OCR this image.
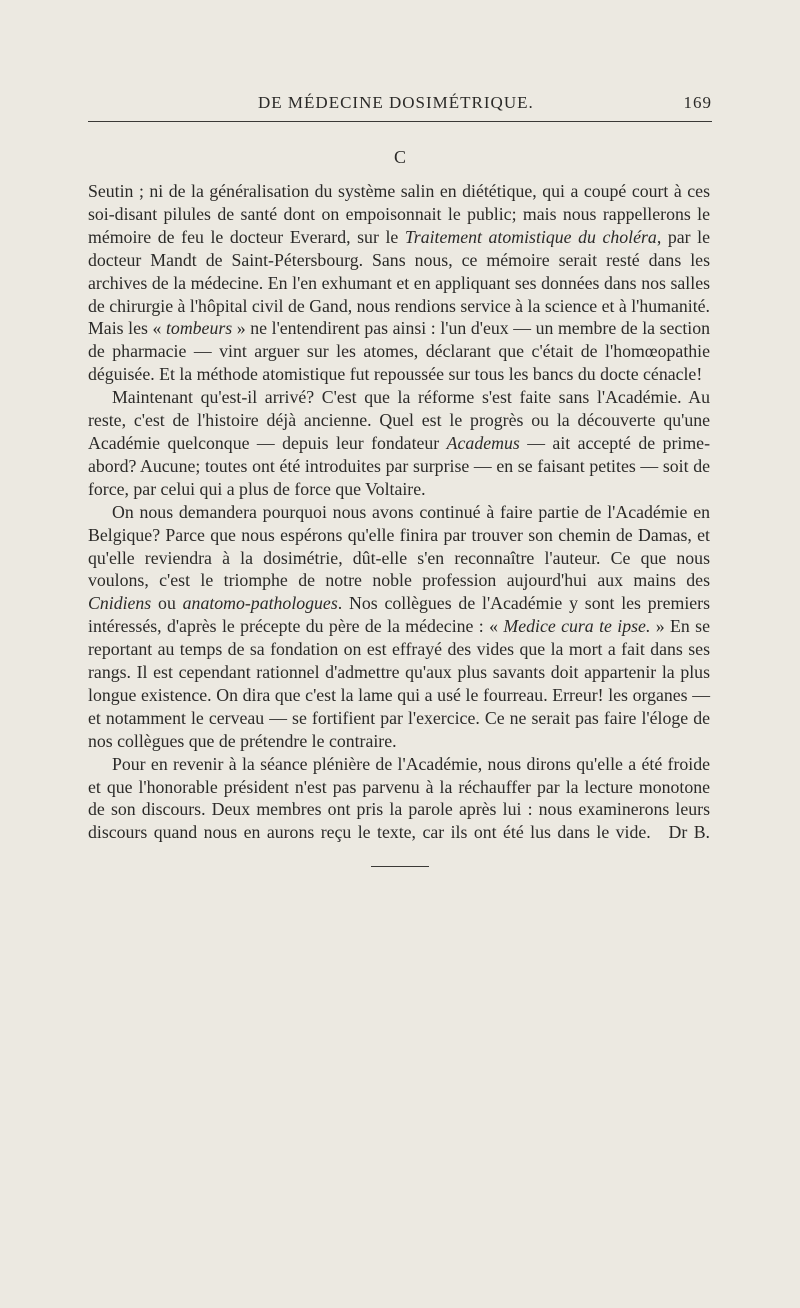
DE MÉDECINE DOSIMÉTRIQUE.	169
C

Seutin ; ni de la généralisation du système salin en diététique, qui a coupé court à ces soi-disant pilules de santé dont on empoisonnait le public; mais nous rappellerons le mémoire de feu le docteur Everard, sur le Traitement atomistique du choléra, par le docteur Mandt de Saint-Pétersbourg. Sans nous, ce mémoire serait resté dans les archives de la médecine. En l'en exhumant et en appliquant ses données dans nos salles de chirurgie à l'hôpital civil de Gand, nous rendions service à la science et à l'humanité. Mais les « tombeurs » ne l'entendirent pas ainsi : l'un d'eux — un membre de la section de pharmacie — vint arguer sur les atomes, déclarant que c'était de l'homœopathie déguisée. Et la méthode atomistique fut repoussée sur tous les bancs du docte cénacle!

Maintenant qu'est-il arrivé? C'est que la réforme s'est faite sans l'Académie. Au reste, c'est de l'histoire déjà ancienne. Quel est le progrès ou la découverte qu'une Académie quelconque — depuis leur fondateur Academus — ait accepté de prime-abord? Aucune; toutes ont été introduites par surprise — en se faisant petites — soit de force, par celui qui a plus de force que Voltaire.

On nous demandera pourquoi nous avons continué à faire partie de l'Académie en Belgique? Parce que nous espérons qu'elle finira par trouver son chemin de Damas, et qu'elle reviendra à la dosimétrie, dût-elle s'en reconnaître l'auteur. Ce que nous voulons, c'est le triomphe de notre noble profession aujourd'hui aux mains des Cnidiens ou anatomo-pathologues. Nos collègues de l'Académie y sont les premiers intéressés, d'après le précepte du père de la médecine : « Medice cura te ipse. » En se reportant au temps de sa fondation on est effrayé des vides que la mort a fait dans ses rangs. Il est cependant rationnel d'admettre qu'aux plus savants doit appartenir la plus longue existence. On dira que c'est la lame qui a usé le fourreau. Erreur! les organes — et notamment le cerveau — se fortifient par l'exercice. Ce ne serait pas faire l'éloge de nos collègues que de prétendre le contraire.

Pour en revenir à la séance plénière de l'Académie, nous dirons qu'elle a été froide et que l'honorable président n'est pas parvenu à la réchauffer par la lecture monotone de son discours. Deux membres ont pris la parole après lui : nous examinerons leurs discours quand nous en aurons reçu le texte, car ils ont été lus dans le vide.  Dr B.
